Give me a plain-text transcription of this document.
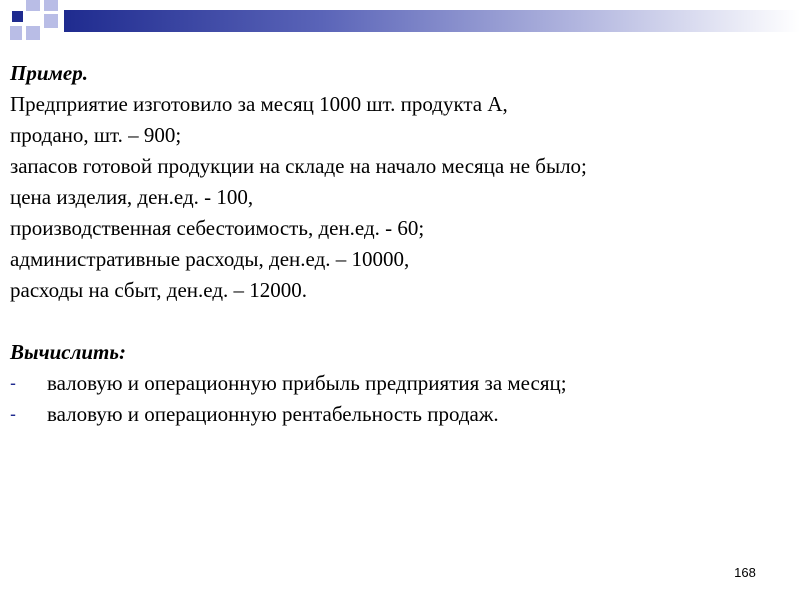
Пример.
Предприятие изготовило за месяц 1000 шт. продукта А,
продано, шт. – 900;
запасов готовой продукции на складе на начало месяца не было;
цена изделия, ден.ед. - 100,
производственная себестоимость, ден.ед. - 60;
административные расходы, ден.ед. – 10000,
расходы на сбыт, ден.ед. – 12000.
Вычислить:
-	валовую и операционную прибыль предприятия за месяц;
-	валовую и операционную рентабельность продаж.
168
